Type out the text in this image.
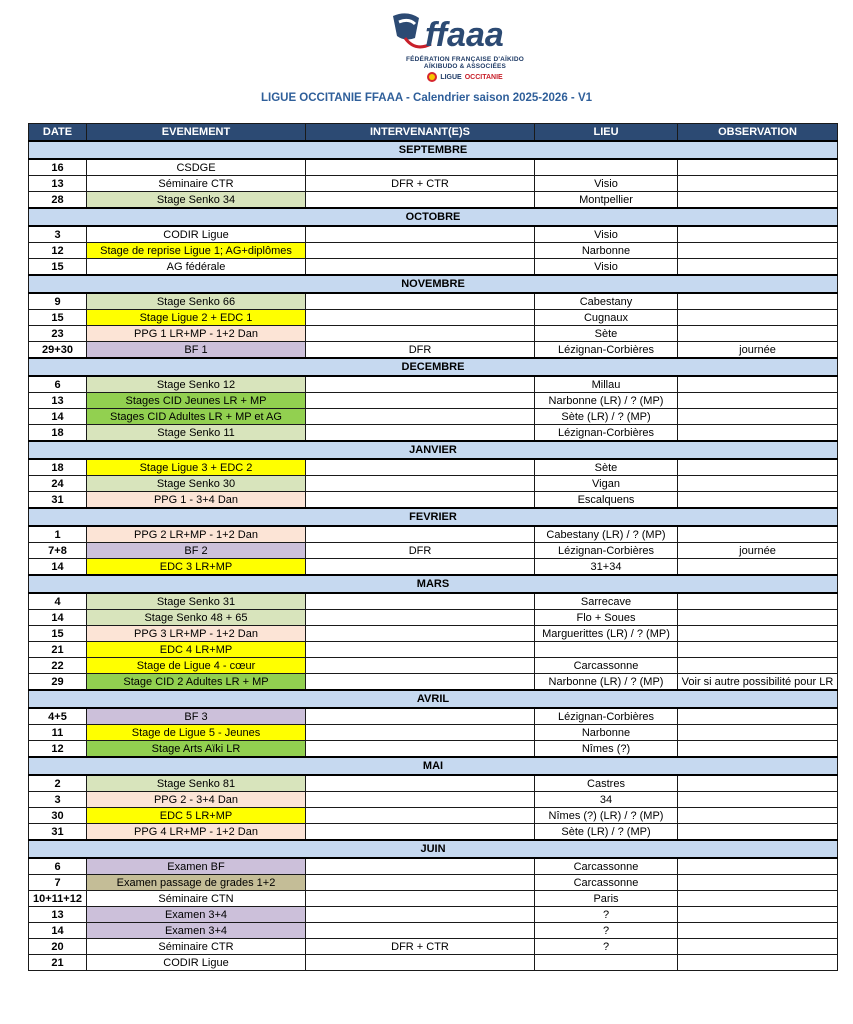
ffaaa
FÉDÉRATION FRANÇAISE D'AÏKIDO
AÏKIBUDO & ASSOCIÉES
LIGUE OCCITANIE
LIGUE OCCITANIE FFAAA - Calendrier saison 2025-2026 - V1
DATE	EVENEMENT	INTERVENANT(E)S	LIEU	OBSERVATION
SEPTEMBRE				
16	CSDGE			
13	Séminaire CTR	DFR + CTR	Visio	
28	Stage Senko 34		Montpellier	
OCTOBRE				
3	CODIR Ligue		Visio	
12	Stage de reprise Ligue 1; AG+diplômes		Narbonne	
15	AG fédérale		Visio	
NOVEMBRE				
9	Stage Senko 66		Cabestany	
15	Stage Ligue 2 + EDC 1		Cugnaux	
23	PPG 1 LR+MP - 1+2 Dan		Sète	
29+30	BF 1	DFR	Lézignan-Corbières	journée
DECEMBRE				
6	Stage Senko 12		Millau	
13	Stages CID Jeunes LR + MP		Narbonne (LR) / ? (MP)	
14	Stages CID Adultes LR + MP et AG		Sète (LR) / ? (MP)	
18	Stage Senko 11		Lézignan-Corbières	
JANVIER				
18	Stage Ligue 3 + EDC 2		Sète	
24	Stage Senko 30		Vigan	
31	PPG 1 - 3+4 Dan		Escalquens	
FEVRIER				
1	PPG 2 LR+MP - 1+2 Dan		Cabestany (LR) / ? (MP)	
7+8	BF 2	DFR	Lézignan-Corbières	journée
14	EDC 3 LR+MP		31+34	
MARS				
4	Stage Senko 31		Sarrecave	
14	Stage Senko 48 + 65		Flo + Soues	
15	PPG 3 LR+MP - 1+2 Dan		Marguerittes (LR) / ? (MP)	
21	EDC 4 LR+MP			
22	Stage de Ligue 4 - cœur		Carcassonne	
29	Stage CID 2 Adultes LR + MP		Narbonne (LR) / ? (MP)	Voir si autre possibilité pour LR
AVRIL				
4+5	BF 3		Lézignan-Corbières	
11	Stage de Ligue 5 - Jeunes		Narbonne	
12	Stage Arts Aïki LR		Nîmes (?)	
MAI				
2	Stage Senko 81		Castres	
3	PPG 2 - 3+4 Dan		34	
30	EDC 5 LR+MP		Nîmes (?) (LR) / ? (MP)	
31	PPG 4 LR+MP - 1+2 Dan		Sète (LR) / ? (MP)	
JUIN				
6	Examen BF		Carcassonne	
7	Examen passage de grades 1+2		Carcassonne	
10+11+12	Séminaire CTN		Paris	
13	Examen 3+4		?	
14	Examen 3+4		?	
20	Séminaire CTR	DFR + CTR	?	
21	CODIR Ligue			
